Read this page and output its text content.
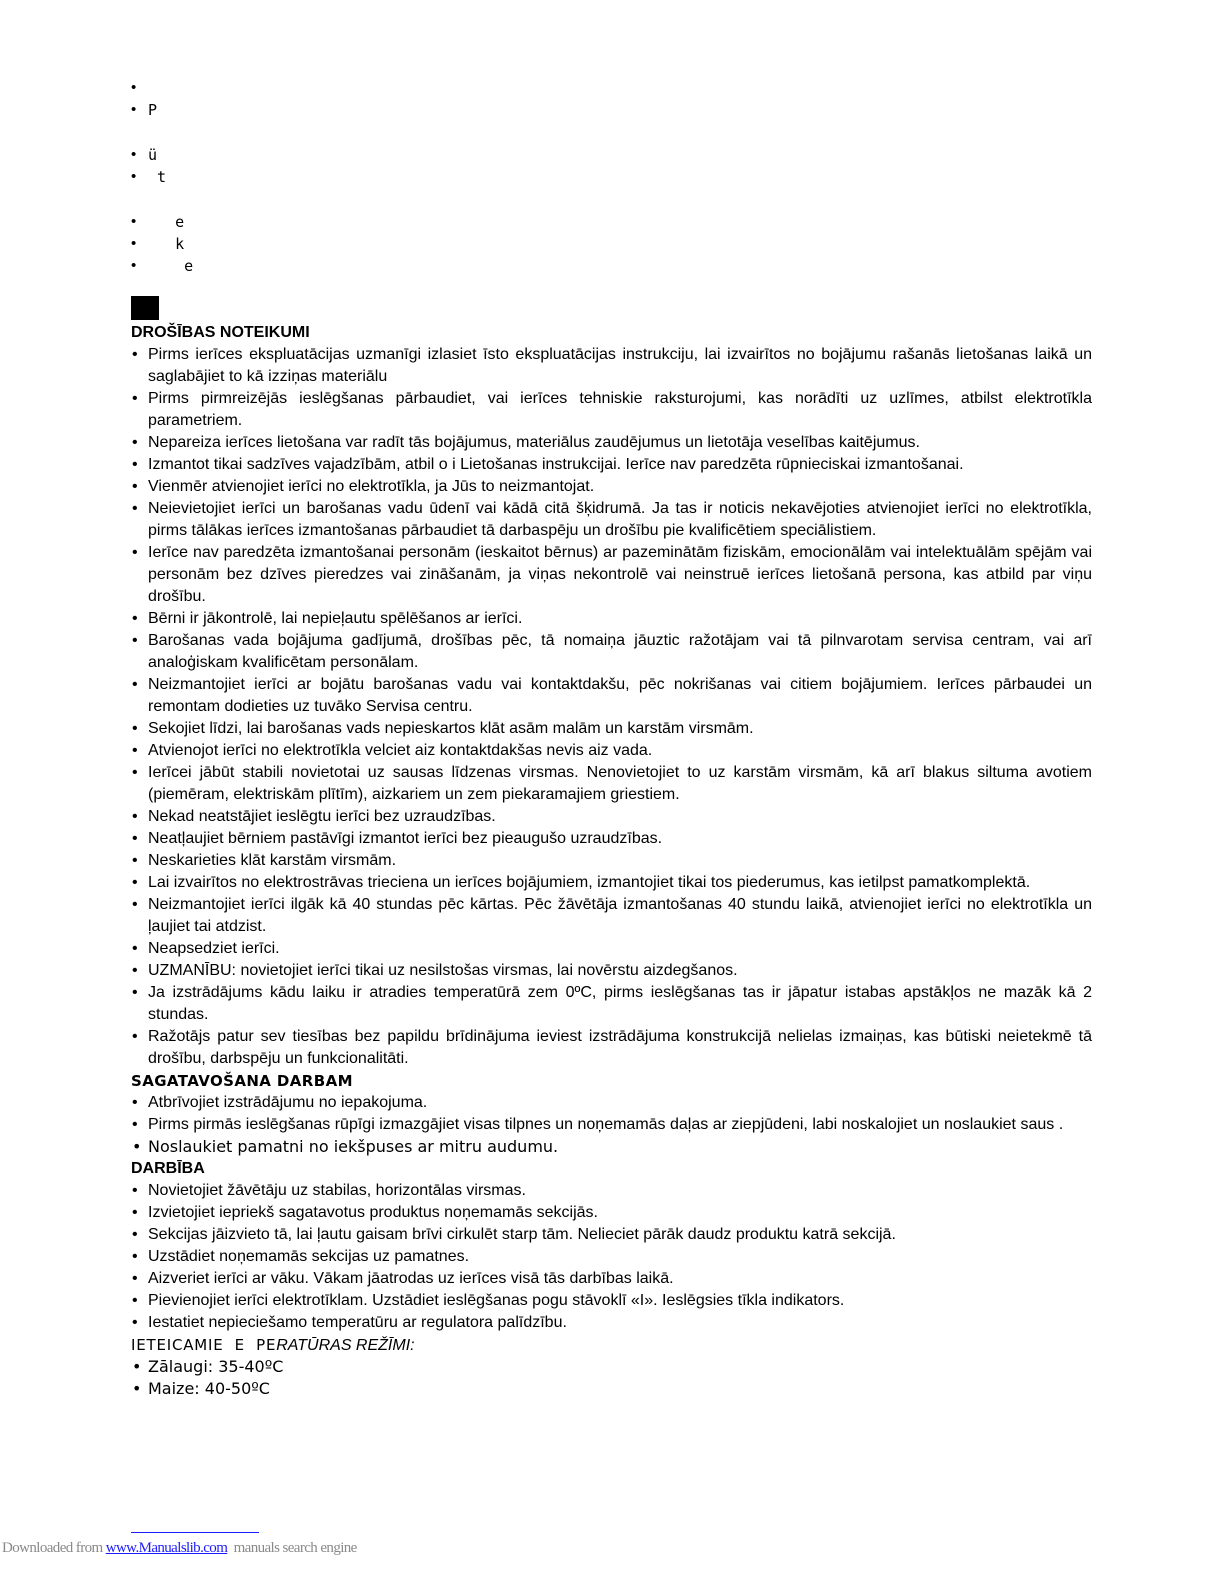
•
• P
• ü
•  t
•    e
•    k
•     e
DROŠĪBAS NOTEIKUMI
• Pirms ierīces ekspluatācijas uzmanīgi izlasiet īsto ekspluatācijas instrukciju, lai izvairītos no bojājumu rašanās lietošanas laikā un saglabājiet to kā izziņas materiālu
• Pirms pirmreizējās ieslēgšanas pārbaudiet, vai ierīces tehniskie raksturojumi, kas norādīti uz uzlīmes, atbilst elektrotīkla parametriem.
• Nepareiza ierīces lietošana var radīt tās bojājumus, materiālus zaudējumus un lietotāja veselības kaitējumus.
• Izmantot tikai sadzīves vajadzībām, atbil o i Lietošanas instrukcijai. Ierīce nav paredzēta rūpnieciskai izmantošanai.
• Vienmēr atvienojiet ierīci no elektrotīkla, ja Jūs to neizmantojat.
• Neievietojiet ierīci un barošanas vadu ūdenī vai kādā citā šķidrumā. Ja tas ir noticis nekavējoties atvienojiet ierīci no elektrotīkla, pirms tālākas ierīces izmantošanas pārbaudiet tā darbaspēju un drošību pie kvalificētiem speciālistiem.
• Ierīce nav paredzēta izmantošanai personām (ieskaitot bērnus) ar pazeminātām fiziskām, emocionālām vai intelektuālām spējām vai personām bez dzīves pieredzes vai zināšanām, ja viņas nekontrolē vai neinstruē ierīces lietošanā persona, kas atbild par viņu drošību.
• Bērni ir jākontrolē, lai nepieļautu spēlēšanos ar ierīci.
• Barošanas vada bojājuma gadījumā, drošības pēc, tā nomaiņa jāuztic ražotājam vai tā pilnvarotam servisa centram, vai arī analoģiskam kvalificētam personālam.
• Neizmantojiet ierīci ar bojātu barošanas vadu vai kontaktdakšu, pēc nokrišanas vai citiem bojājumiem. Ierīces pārbaudei un remontam dodieties uz tuvāko Servisa centru.
• Sekojiet līdzi, lai barošanas vads nepieskartos klāt asām malām un karstām virsmām.
• Atvienojot ierīci no elektrotīkla velciet aiz kontaktdakšas nevis aiz vada.
• Ierīcei jābūt stabili novietotai uz sausas līdzenas virsmas. Nenovietojiet to uz karstām virsmām, kā arī blakus siltuma avotiem (piemēram, elektriskām plītīm), aizkariem un zem piekaramajiem griestiem.
• Nekad neatstājiet ieslēgtu ierīci bez uzraudzības.
• Neatļaujiet bērniem pastāvīgi izmantot ierīci bez pieaugušo uzraudzības.
• Neskarieties klāt karstām virsmām.
• Lai izvairītos no elektrostrāvas trieciena un ierīces bojājumiem, izmantojiet tikai tos piederumus, kas ietilpst pamatkomplektā.
• Neizmantojiet ierīci ilgāk kā 40 stundas pēc kārtas. Pēc žāvētāja izmantošanas 40 stundu laikā, atvienojiet ierīci no elektrotīkla un ļaujiet tai atdzist.
• Neapsedziet ierīci.
• UZMANĪBU: novietojiet ierīci tikai uz nesilstošas virsmas, lai novērstu aizdegšanos.
• Ja izstrādājums kādu laiku ir atradies temperatūrā zem 0ºC, pirms ieslēgšanas tas ir jāpatur istabas apstākļos ne mazāk kā 2 stundas.
• Ražotājs patur sev tiesības bez papildu brīdinājuma ieviest izstrādājuma konstrukcijā nelielas izmaiņas, kas būtiski neietekmē tā drošību, darbspēju un funkcionalitāti.
SAGATAVOŠANA DARBAM
• Atbrīvojiet izstrādājumu no iepakojuma.
• Pirms pirmās ieslēgšanas rūpīgi izmazgājiet visas tilpnes un noņemamās daļas ar ziepjūdeni, labi noskalojiet un noslaukiet saus .
• Noslaukiet pamatni no iekšpuses ar mitru audumu.
DARBĪBA
• Novietojiet žāvētāju uz stabilas, horizontālas virsmas.
• Izvietojiet iepriekš sagatavotus produktus noņemamās sekcijās.
• Sekcijas jāizvieto tā, lai ļautu gaisam brīvi cirkulēt starp tām. Nelieciet pārāk daudz produktu katrā sekcijā.
• Uzstādiet noņemamās sekcijas uz pamatnes.
• Aizveriet ierīci ar vāku. Vākam jāatrodas uz ierīces visā tās darbības laikā.
• Pievienojiet ierīci elektrotīklam. Uzstādiet ieslēgšanas pogu stāvoklī «I». Ieslēgsies tīkla indikators.
• Iestatiet nepieciešamo temperatūru ar regulatora palīdzību.
IETEICAMIE  E  PERATŪRAS REŽĪMI:
• Zālaugi: 35-40ºC
• Maize: 40-50ºC
Downloaded from www.Manualslib.com  manuals search engine
